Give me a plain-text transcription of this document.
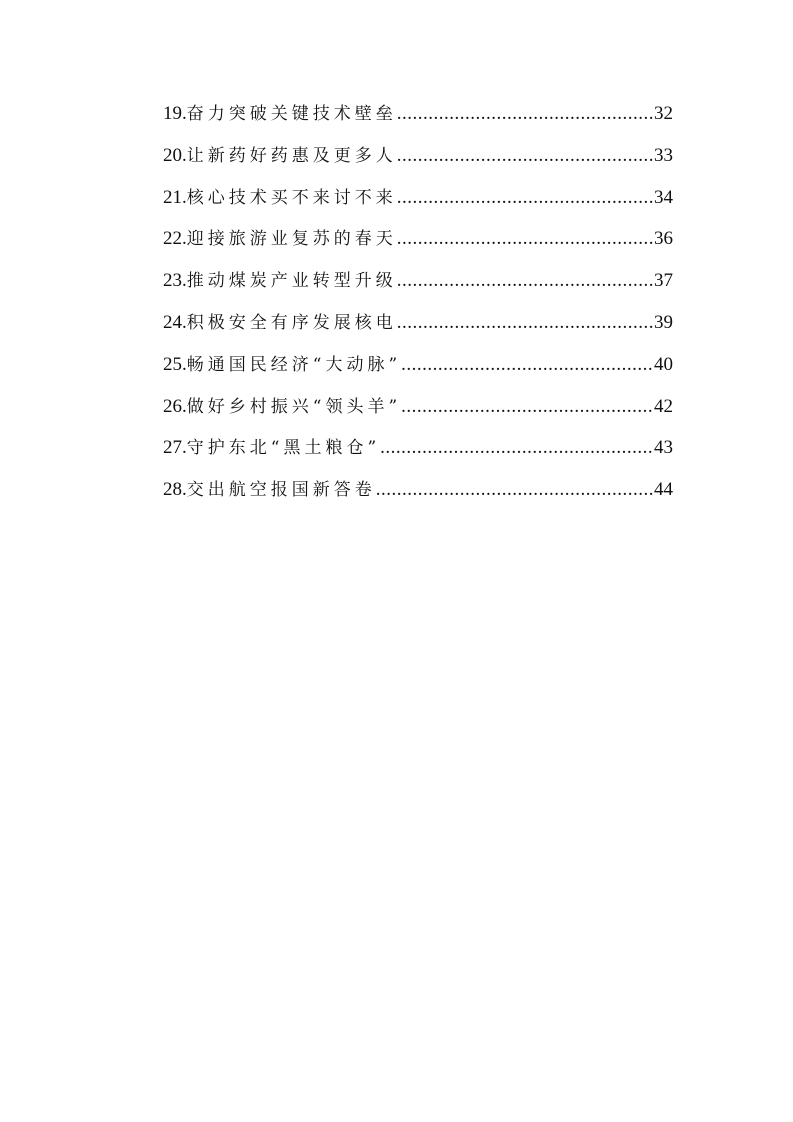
19. 奋力突破关键技术壁垒 .....	32
20. 让新药好药惠及更多人 .....	33
21. 核心技术买不来讨不来 .....	34
22. 迎接旅游业复苏的春天 .....	36
23. 推动煤炭产业转型升级 .....	37
24. 积极安全有序发展核电 .....	39
25. 畅通国民经济“大动脉” .....	40
26. 做好乡村振兴“领头羊” .....	42
27. 守护东北“黑土粮仓” .....	43
28. 交出航空报国新答卷 .....	44
